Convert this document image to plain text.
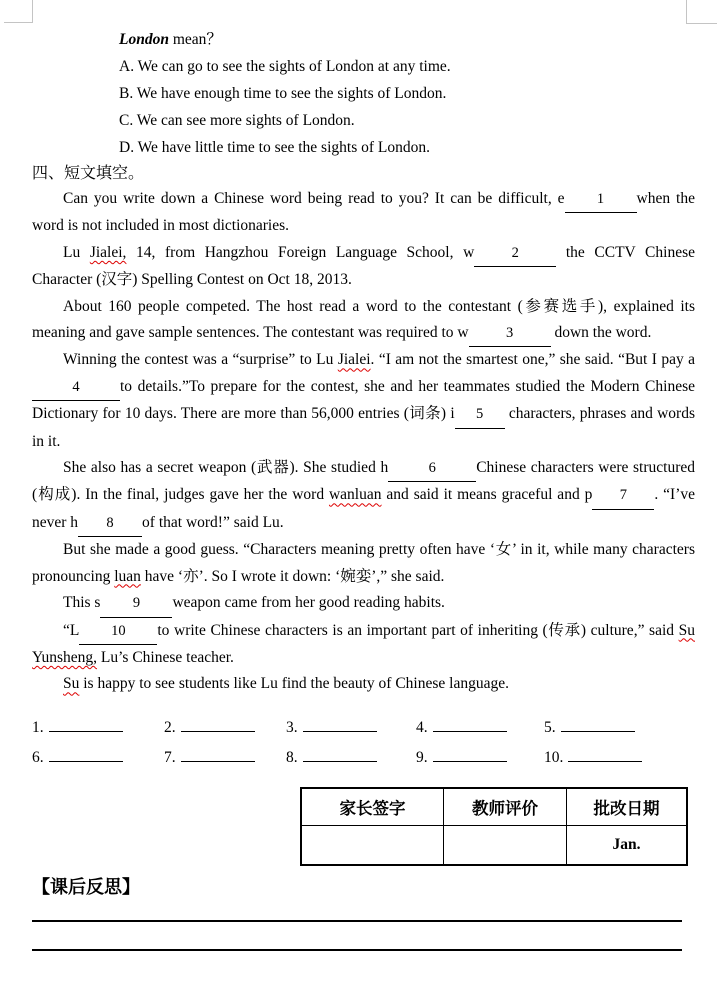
London mean？
A. We can go to see the sights of London at any time.
B. We have enough time to see the sights of London.
C. We can see more sights of London.
D. We have little time to see the sights of London.
四、短文填空。

Can you write down a Chinese word being read to you? It can be difficult, e 1 when the word is not included in most dictionaries.

Lu Jialei, 14, from Hangzhou Foreign Language School, w	2 the CCTV Chinese Character (汉字) Spelling Contest on Oct 18, 2013.

About 160 people competed. The host read a word to the contestant (参赛选手), explained its meaning and gave sample sentences. The contestant was required to w	3 down the word.

Winning the contest was a “surprise” to Lu Jialei. “I am not the smartest one,” she said. “But I pay a4	to details.”To prepare for the contest, she and her teammates studied the Modern Chinese Dictionary for 10 days. There are more than 56,000 entries (词条) i 5 characters, phrases and words in it.

She also has a secret weapon (武器). She studied h	6	Chinese characters were structured (构成). In the final, judges gave her the word wanluan and said it means graceful and p 7 . “I’ve never h 8 of that word!” said Lu.

But she made a good guess. “Characters meaning pretty often have ‘女’ in it, while many characters pronouncing luan have ‘亦’. So I wrote it down: ‘婉娈’,” she said.

This s 9 weapon came from her good reading habits.

“L 10 to write Chinese characters is an important part of inheriting (传承) culture,” said Su Yunsheng, Lu’s Chinese teacher.

Su is happy to see students like Lu find the beauty of Chinese language.

1.	2.	3.	4.	5.
6.	7.	8.	9.	10.
家长签字	教师评价	批改日期
		Jan.
【课后反思】
